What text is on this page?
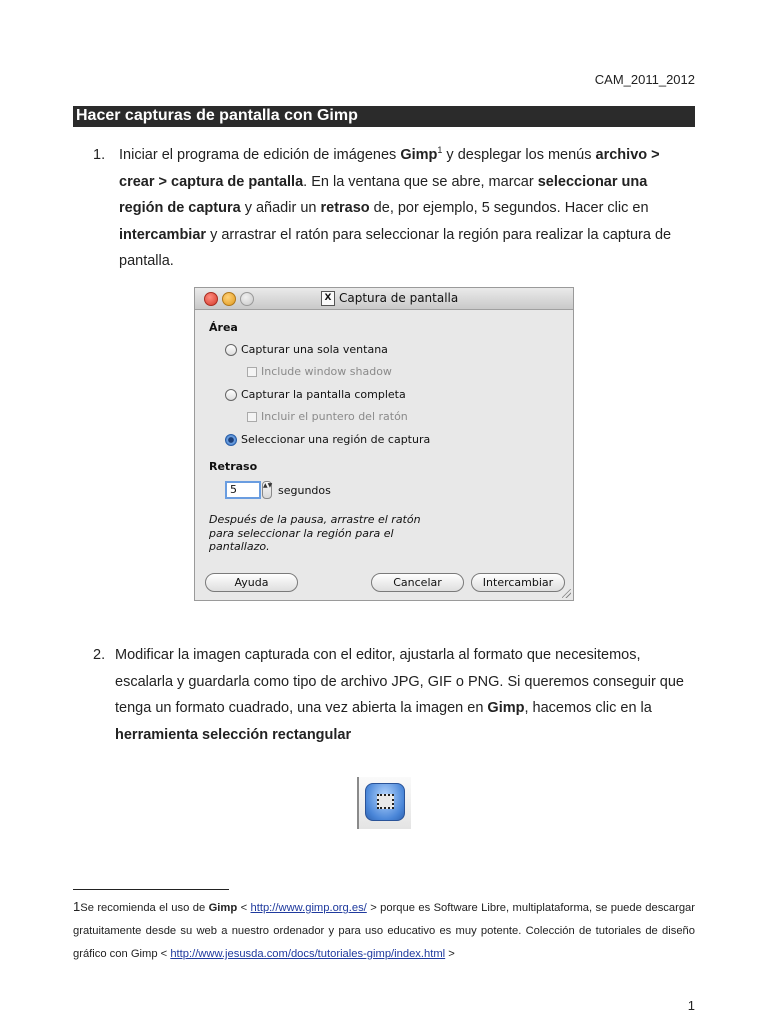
CAM_2011_2012
Hacer capturas de pantalla con Gimp
1. Iniciar el programa de edición de imágenes Gimp$^1$ y desplegar los menús archivo > crear > captura de pantalla. En la ventana que se abre, marcar seleccionar una región de captura y añadir un retraso de, por ejemplo, 5 segundos. Hacer clic en intercambiar y arrastrar el ratón para seleccionar la región para realizar la captura de pantalla.
X Captura de pantalla
Área
Capturar una sola ventana
Include window shadow
Capturar la pantalla completa
Incluir el puntero del ratón
Seleccionar una región de captura
Retraso
5	▲▼ segundos
Después de la pausa, arrastre el ratón para seleccionar la región para el pantallazo.
Ayuda	Cancelar	Intercambiar
2. Modificar la imagen capturada con el editor, ajustarla al formato que necesitemos, escalarla y guardarla como tipo de archivo JPG, GIF o PNG. Si queremos conseguir que tenga un formato cuadrado, una vez abierta la imagen en Gimp, hacemos clic en la herramienta selección rectangular
1Se recomienda el uso de Gimp < http://www.gimp.org.es/ > porque es Software Libre, multiplataforma, se puede descargar gratuitamente desde su web a nuestro ordenador y para uso educativo es muy potente. Colección de tutoriales de diseño gráfico con Gimp < http://www.jesusda.com/docs/tutoriales-gimp/index.html >
1
